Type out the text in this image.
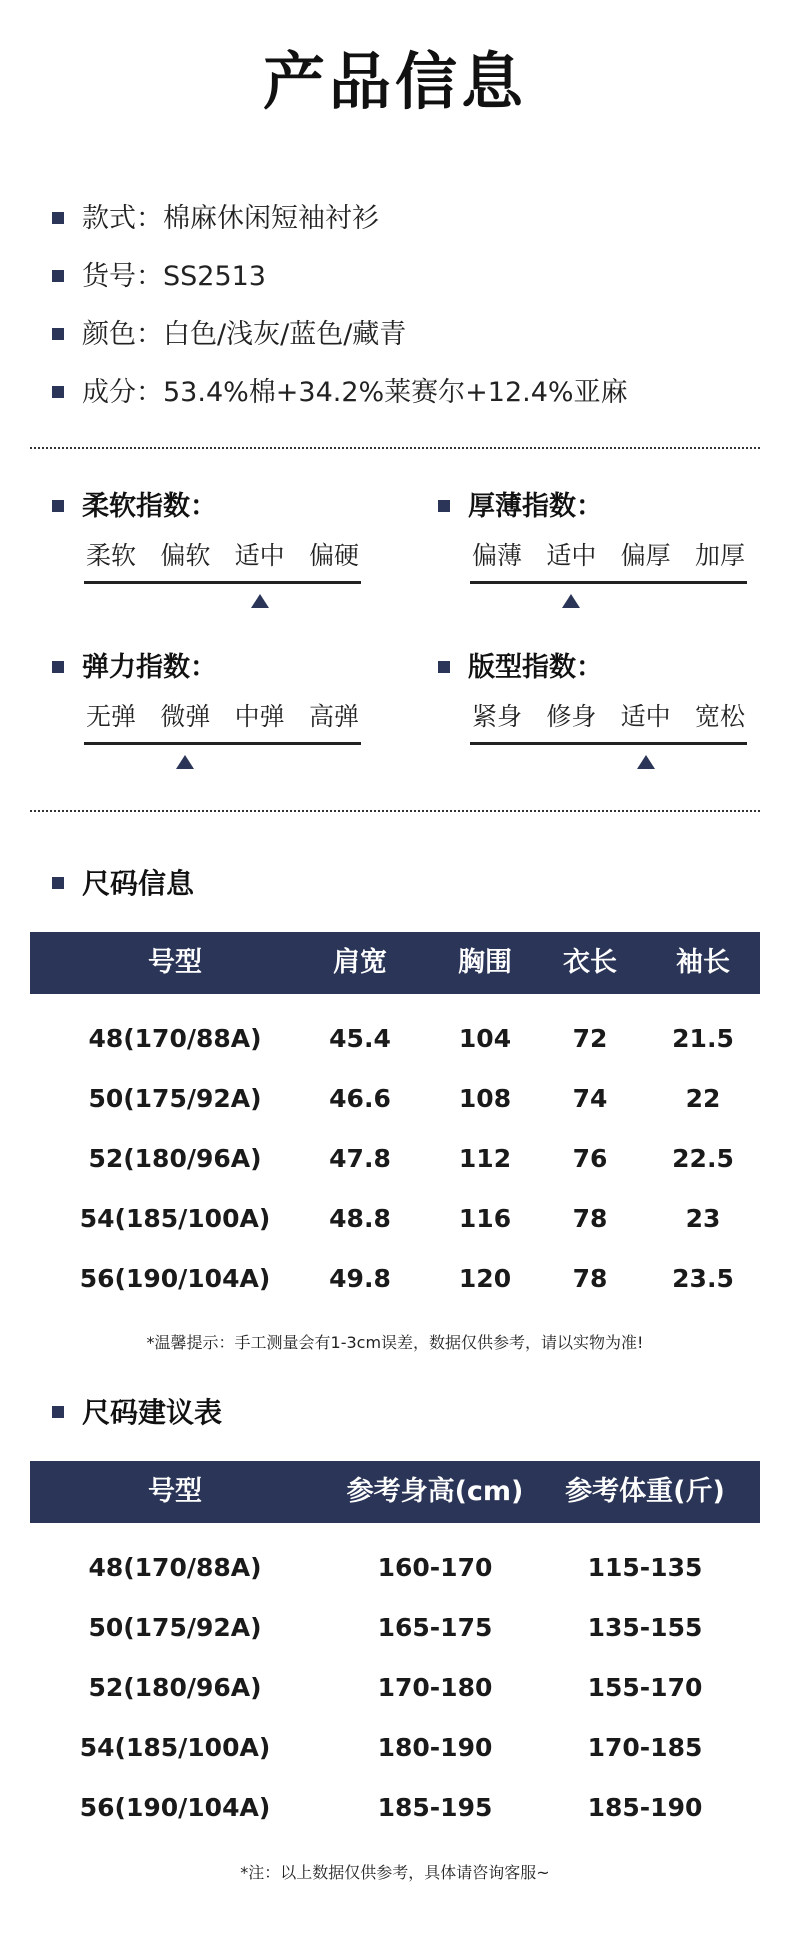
产品信息
款式：棉麻休闲短袖衬衫
货号：SS2513
颜色：白色/浅灰/蓝色/藏青
成分：53.4%棉+34.2%莱赛尔+12.4%亚麻
柔软指数：
柔软 偏软 适中 偏硬
厚薄指数：
偏薄 适中 偏厚 加厚
弹力指数：
无弹 微弹 中弹 高弹
版型指数：
紧身 修身 适中 宽松
尺码信息
号型	肩宽	胸围	衣长	袖长
48(170/88A)	45.4	104	72	21.5
50(175/92A)	46.6	108	74	22
52(180/96A)	47.8	112	76	22.5
54(185/100A)	48.8	116	78	23
56(190/104A)	49.8	120	78	23.5
*温馨提示：手工测量会有1-3cm误差，数据仅供参考，请以实物为准!
尺码建议表
号型	参考身高(cm)	参考体重(斤)
48(170/88A)	160-170	115-135
50(175/92A)	165-175	135-155
52(180/96A)	170-180	155-170
54(185/100A)	180-190	170-185
56(190/104A)	185-195	185-190
*注：以上数据仅供参考，具体请咨询客服~
